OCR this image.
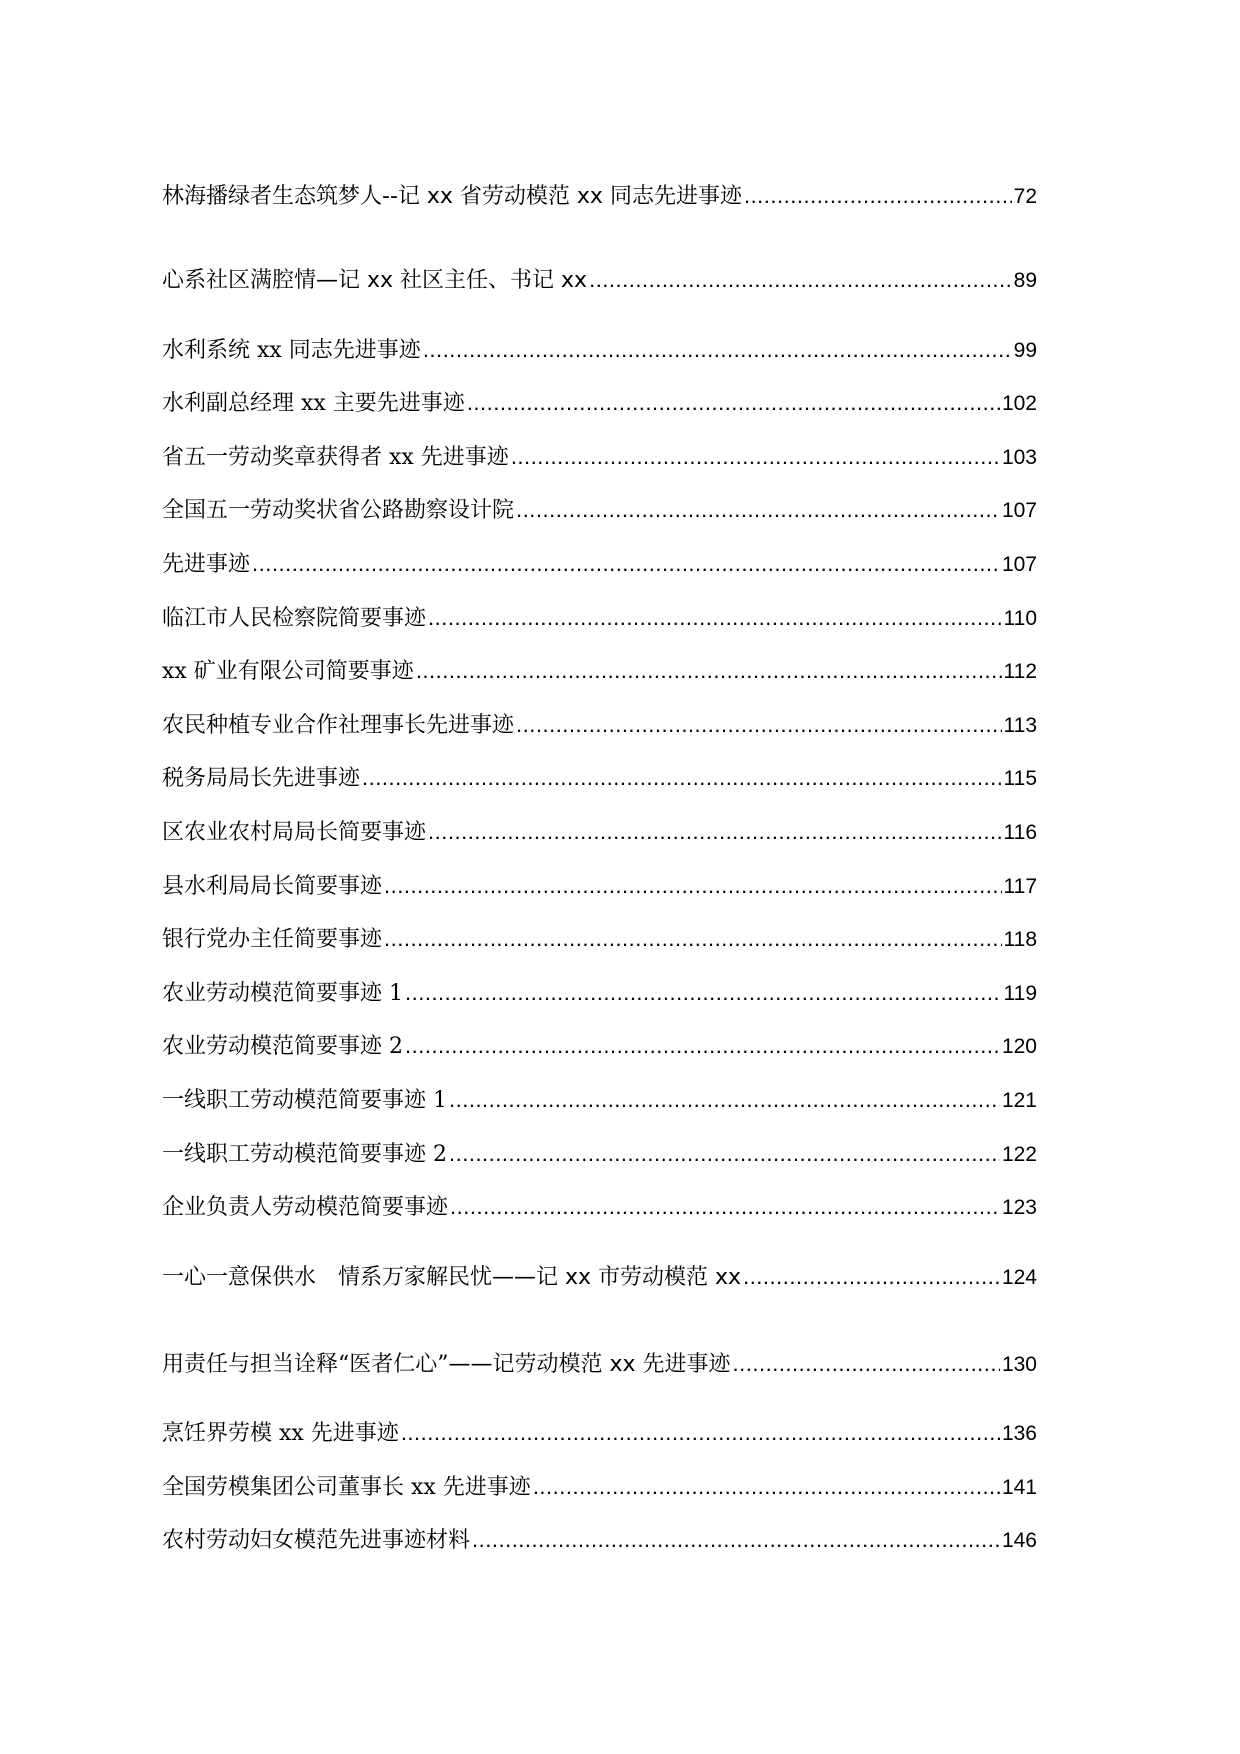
林海播绿者生态筑梦人--记 xx 省劳动模范 xx 同志先进事迹 .....	72
心系社区满腔情—记 xx 社区主任、书记 xx .....	89
水利系统 xx 同志先进事迹 .....	99
水利副总经理 xx 主要先进事迹 .....	102
省五一劳动奖章获得者 xx 先进事迹 .....	103
全国五一劳动奖状省公路勘察设计院 .....	107
先进事迹 .....	107
临江市人民检察院简要事迹 .....	110
xx 矿业有限公司简要事迹 .....	112
农民种植专业合作社理事长先进事迹 .....	113
税务局局长先进事迹 .....	115
区农业农村局局长简要事迹 .....	116
县水利局局长简要事迹 .....	117
银行党办主任简要事迹 .....	118
农业劳动模范简要事迹 1 .....	119
农业劳动模范简要事迹 2 .....	120
一线职工劳动模范简要事迹 1 .....	121
一线职工劳动模范简要事迹 2 .....	122
企业负责人劳动模范简要事迹 .....	123
一心一意保供水　情系万家解民忧——记 xx 市劳动模范 xx .....	124
用责任与担当诠释“医者仁心”——记劳动模范 xx 先进事迹 .....	130
烹饪界劳模 xx 先进事迹 .....	136
全国劳模集团公司董事长 xx 先进事迹 .....	141
农村劳动妇女模范先进事迹材料 .....	146
